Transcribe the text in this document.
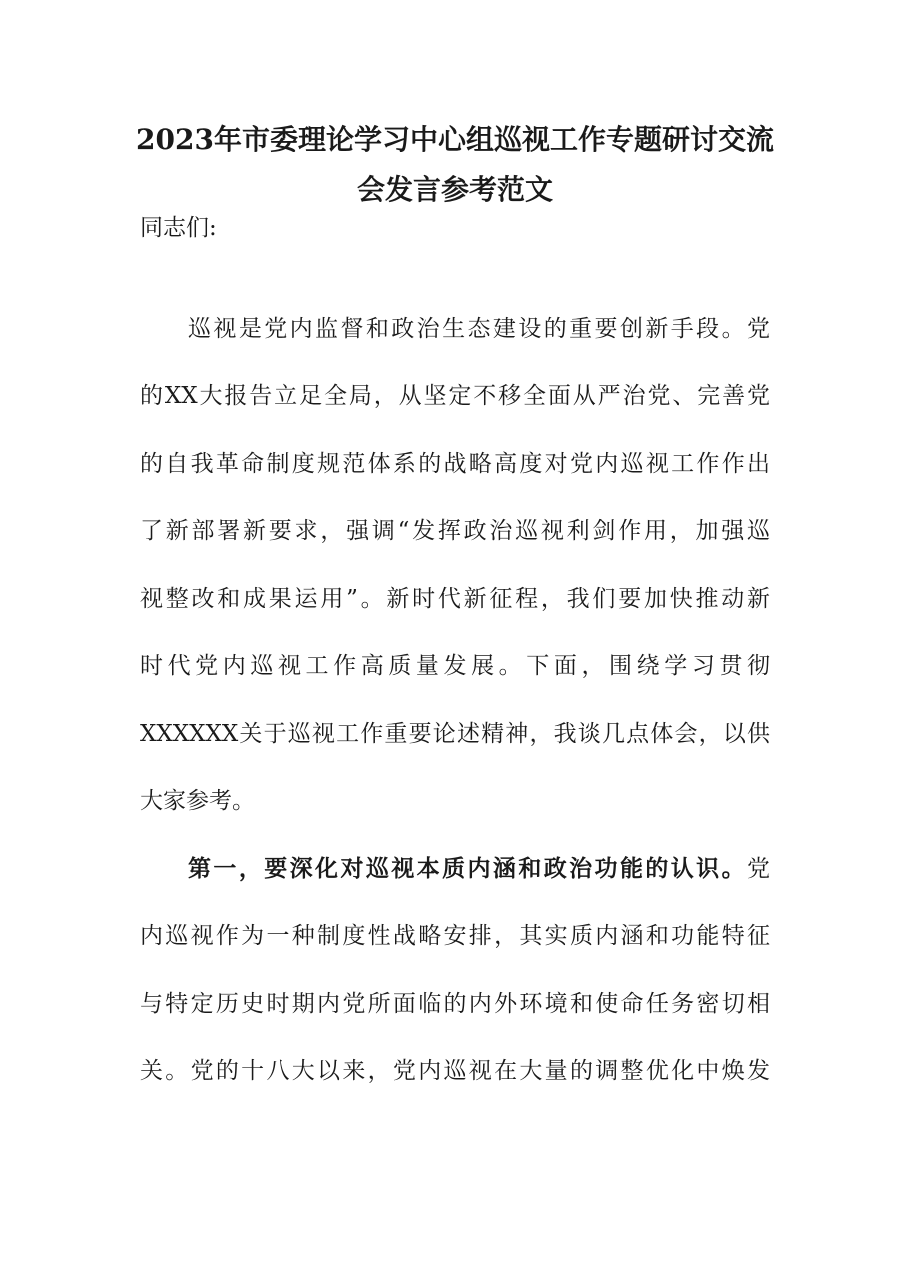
2023年市委理论学习中心组巡视工作专题研讨交流
会发言参考范文
同志们:
巡视是党内监督和政治生态建设的重要创新手段。党
的XX大报告立足全局，从坚定不移全面从严治党、完善党
的自我革命制度规范体系的战略高度对党内巡视工作作出
了新部署新要求，强调“发挥政治巡视利剑作用，加强巡
视整改和成果运用”。新时代新征程，我们要加快推动新
时代党内巡视工作高质量发展。下面，围绕学习贯彻
XXXXXX关于巡视工作重要论述精神，我谈几点体会，以供
大家参考。
第一，要深化对巡视本质内涵和政治功能的认识。党
内巡视作为一种制度性战略安排，其实质内涵和功能特征
与特定历史时期内党所面临的内外环境和使命任务密切相
关。党的十八大以来，党内巡视在大量的调整优化中焕发
